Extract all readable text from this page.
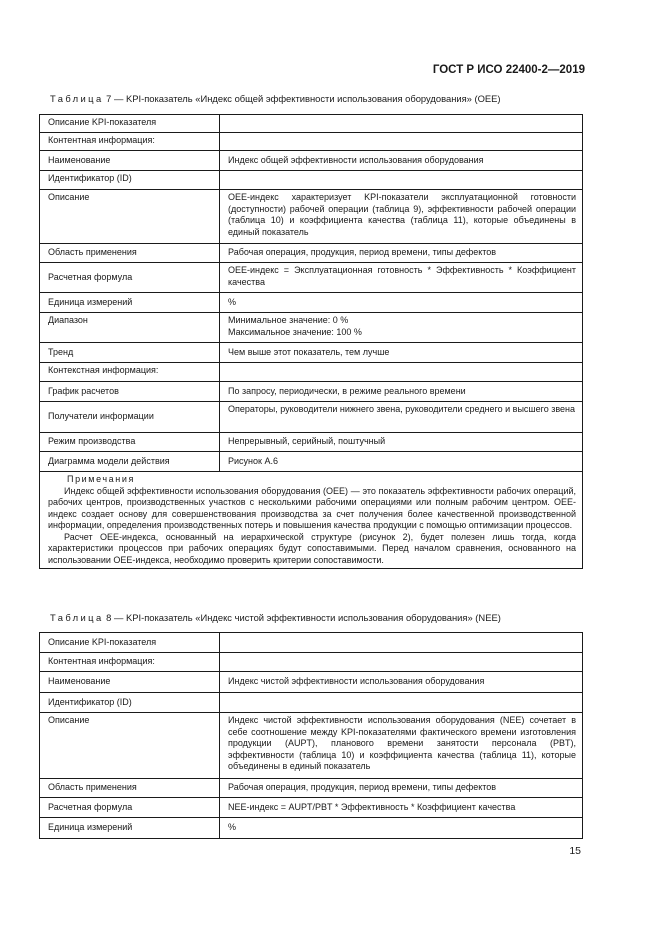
ГОСТ Р ИСО 22400-2—2019
Таблица 7 — KPI-показатель «Индекс общей эффективности использования оборудования» (OEE)
Описание KPI-показателя	
Контентная информация:	
Наименование	Индекс общей эффективности использования оборудования
Идентификатор (ID)	
Описание	OEE-индекс характеризует KPI-показатели эксплуатационной готовности (доступности) рабочей операции (таблица 9), эффективности рабочей операции (таблица 10) и коэффициента качества (таблица 11), которые объединены в единый показатель
Область применения	Рабочая операция, продукция, период времени, типы дефектов
Расчетная формула	OEE-индекс = Эксплуатационная готовность * Эффективность * Коэффициент качества
Единица измерений	%
Диапазон	Минимальное значение: 0 %
Максимальное значение: 100 %

Тренд	Чем выше этот показатель, тем лучше
Контекстная информация:	
График расчетов	По запросу, периодически, в режиме реального времени
Получатели информации	Операторы, руководители нижнего звена, руководители среднего и высшего звена
Режим производства	Непрерывный, серийный, поштучный
Диаграмма модели действия	Рисунок А.6

Примечания
Индекс общей эффективности использования оборудования (OEE) — это показатель эффективности рабочих операций, рабочих центров, производственных участков с несколькими рабочими операциями или полным рабочим центром. OEE-индекс создает основу для совершенствования производства за счет получения более качественной производственной информации, определения производственных потерь и повышения качества продукции с помощью оптимизации процессов.
Расчет OEE-индекса, основанный на иерархической структуре (рисунок 2), будет полезен лишь тогда, когда характеристики процессов при рабочих операциях будут сопоставимыми. Перед началом сравнения, основанного на использовании OEE-индекса, необходимо проверить критерии сопоставимости.	
Таблица 8 — KPI-показатель «Индекс чистой эффективности использования оборудования» (NEE)
Описание KPI-показателя	
Контентная информация:	
Наименование	Индекс чистой эффективности использования оборудования
Идентификатор (ID)	
Описание	Индекс чистой эффективности использования оборудования (NEE) сочетает в себе соотношение между KPI-показателями фактического времени изготовления продукции (AUPT), планового времени занятости персонала (PBT), эффективности (таблица 10) и коэффициента качества (таблица 11), которые объединены в единый показатель
Область применения	Рабочая операция, продукция, период времени, типы дефектов
Расчетная формула	NEE-индекс = AUPT/PBT * Эффективность * Коэффициент качества
Единица измерений	%
15
